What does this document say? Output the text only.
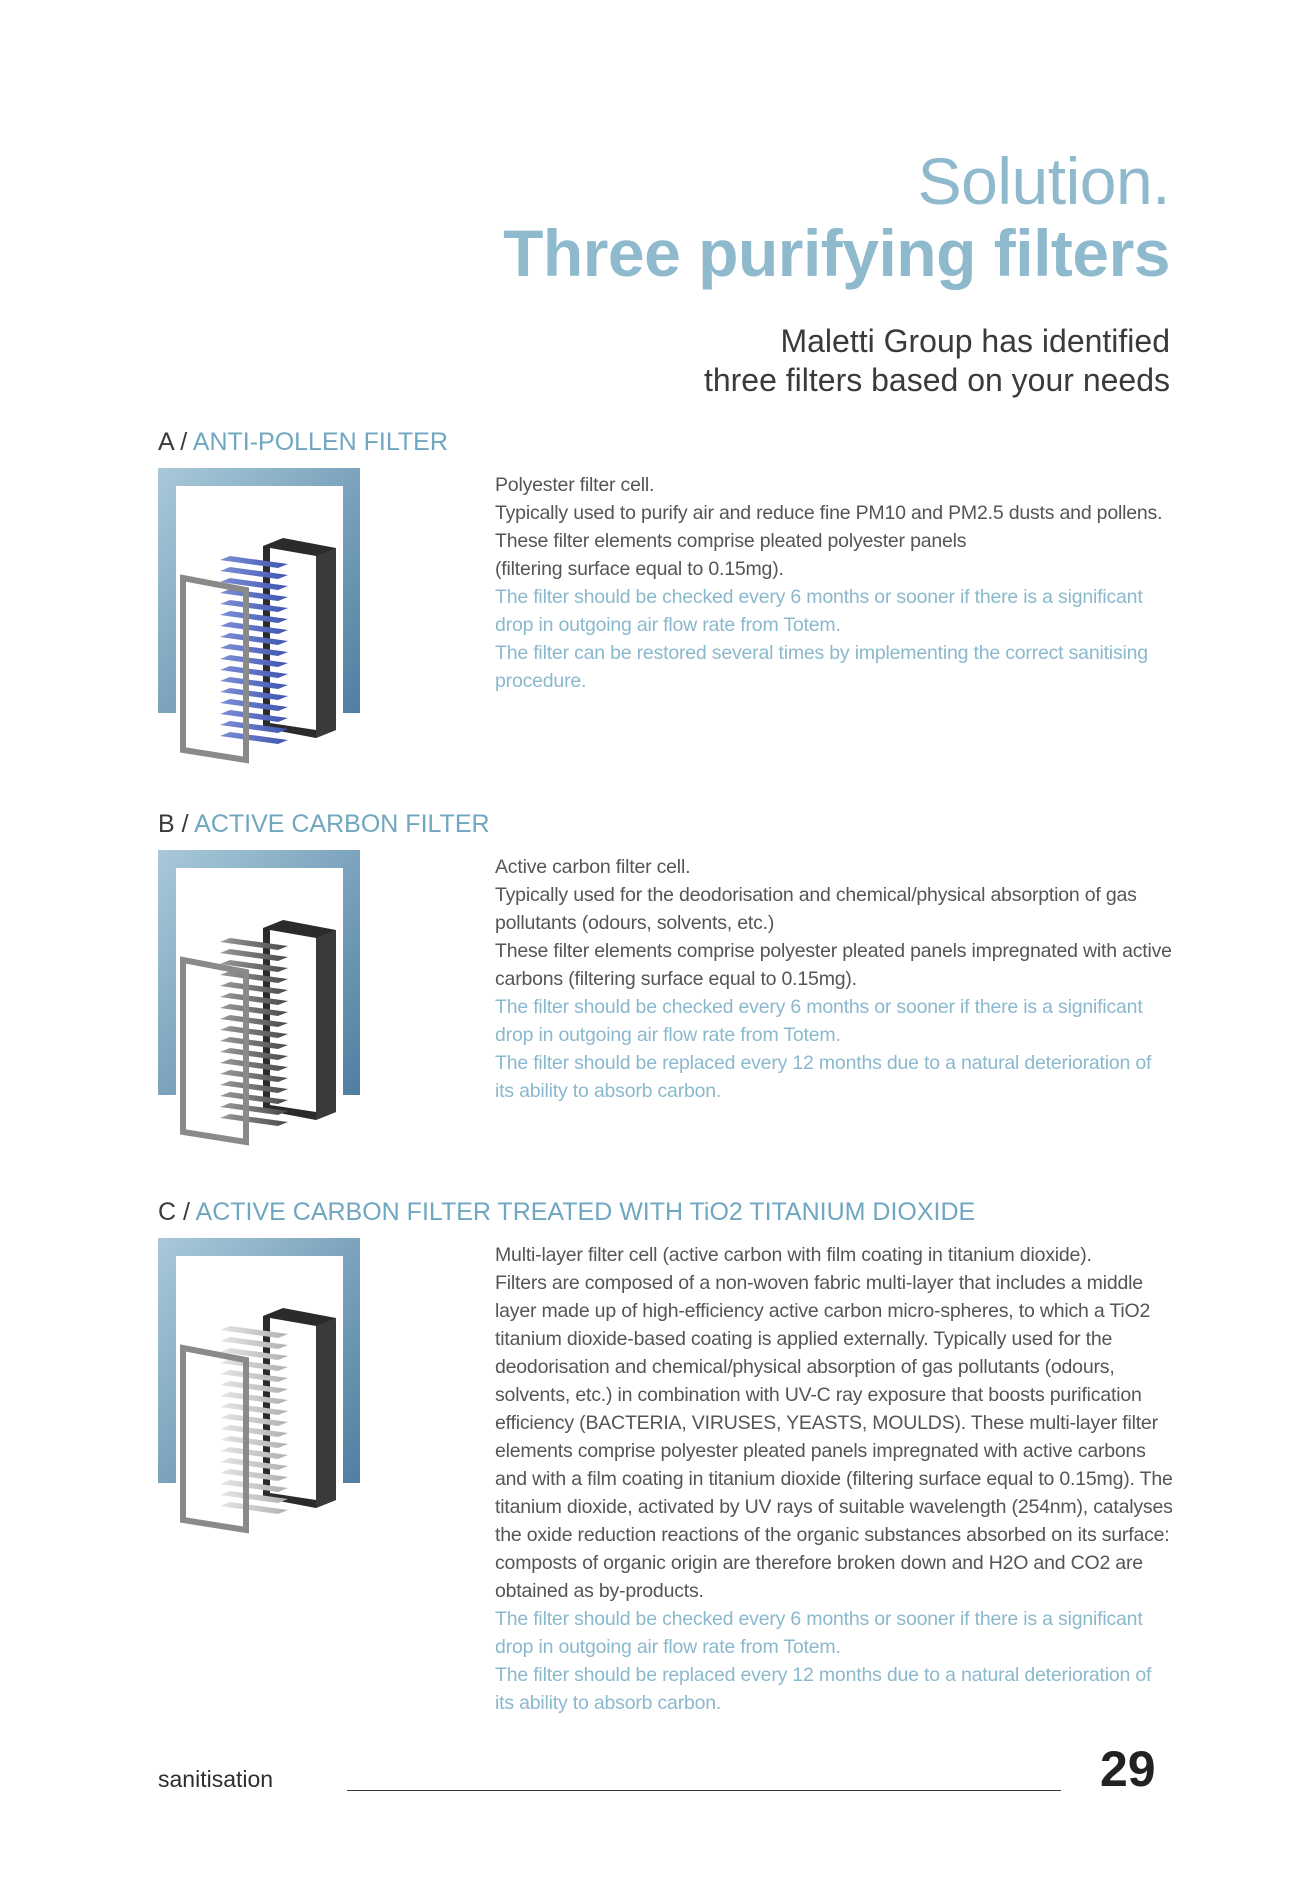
Solution.
Three purifying filters
Maletti Group has identified
three filters based on your needs
A / ANTI-POLLEN FILTER

Polyester filter cell.

Typically used to purify air and reduce fine PM10 and PM2.5 dusts and pollens.

These filter elements comprise pleated polyester panels

(filtering surface equal to 0.15mg).

The filter should be checked every 6 months or sooner if there is a significant drop in outgoing air flow rate from Totem.

The filter can be restored several times by implementing the correct sanitising procedure.

B / ACTIVE CARBON FILTER

Active carbon filter cell.

Typically used for the deodorisation and chemical/physical absorption of gas pollutants (odours, solvents, etc.)

These filter elements comprise polyester pleated panels impregnated with active carbons (filtering surface equal to 0.15mg).

The filter should be checked every 6 months or sooner if there is a significant drop in outgoing air flow rate from Totem.

The filter should be replaced every 12 months due to a natural deterioration of its ability to absorb carbon.

C / ACTIVE CARBON FILTER TREATED WITH TiO2 TITANIUM DIOXIDE

Multi-layer filter cell (active carbon with film coating in titanium dioxide).

Filters are composed of a non-woven fabric multi-layer that includes a middle layer made up of high-efficiency active carbon micro-spheres, to which a TiO2 titanium dioxide-based coating is applied externally. Typically used for the deodorisation and chemical/physical absorption of gas pollutants (odours, solvents, etc.) in combination with UV-C ray exposure that boosts purification efficiency (BACTERIA, VIRUSES, YEASTS, MOULDS). These multi-layer filter elements comprise polyester pleated panels impregnated with active carbons and with a film coating in titanium dioxide (filtering surface equal to 0.15mg). The titanium dioxide, activated by UV rays of suitable wavelength (254nm), catalyses the oxide reduction reactions of the organic substances absorbed on its surface: composts of organic origin are therefore broken down and H2O and CO2 are obtained as by-products.

The filter should be checked every 6 months or sooner if there is a significant drop in outgoing air flow rate from Totem.

The filter should be replaced every 12 months due to a natural deterioration of its ability to absorb carbon.

sanitisation	29
